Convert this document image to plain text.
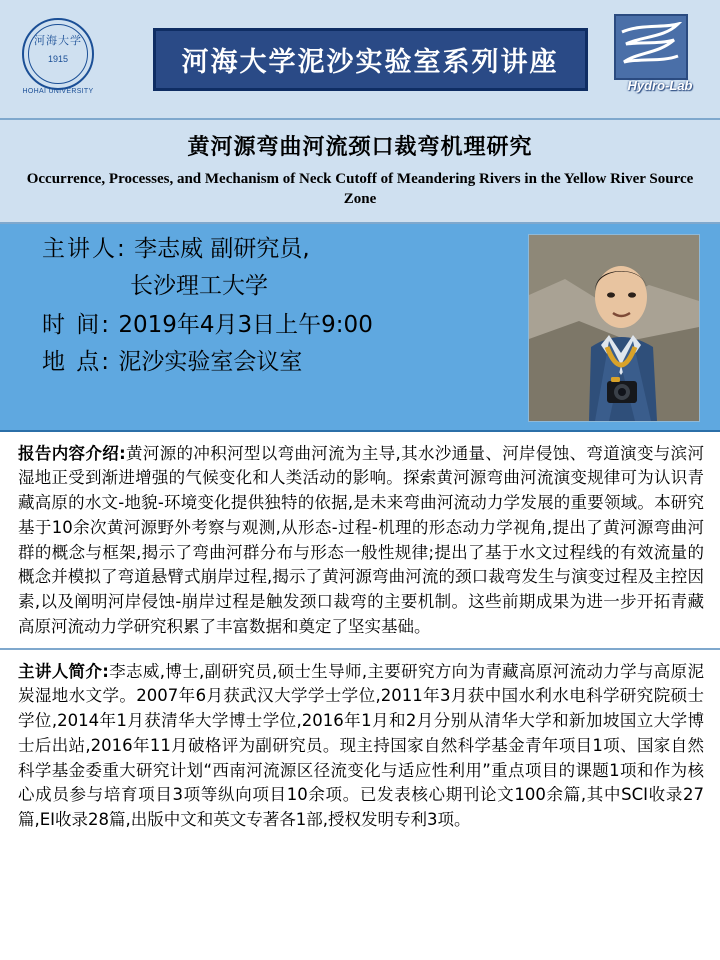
河海大学
1915
HOHAI UNIVERSITY
河海大学泥沙实验室系列讲座
Hydro-Lab
黄河源弯曲河流颈口裁弯机理研究
Occurrence, Processes, and Mechanism of Neck Cutoff of Meandering Rivers in the Yellow River Source Zone
主讲人: 李志威 副研究员,
长沙理工大学
时 间: 2019年4月3日上午9:00
地 点: 泥沙实验室会议室

报告内容介绍:黄河源的冲积河型以弯曲河流为主导,其水沙通量、河岸侵蚀、弯道演变与滨河湿地正受到渐进增强的气候变化和人类活动的影响。探索黄河源弯曲河流演变规律可为认识青藏高原的水文-地貌-环境变化提供独特的依据,是未来弯曲河流动力学发展的重要领域。本研究基于10余次黄河源野外考察与观测,从形态-过程-机理的形态动力学视角,提出了黄河源弯曲河群的概念与框架,揭示了弯曲河群分布与形态一般性规律;提出了基于水文过程线的有效流量的概念并模拟了弯道悬臂式崩岸过程,揭示了黄河源弯曲河流的颈口裁弯发生与演变过程及主控因素,以及阐明河岸侵蚀-崩岸过程是触发颈口裁弯的主要机制。这些前期成果为进一步开拓青藏高原河流动力学研究积累了丰富数据和奠定了坚实基础。

主讲人简介:李志威,博士,副研究员,硕士生导师,主要研究方向为青藏高原河流动力学与高原泥炭湿地水文学。2007年6月获武汉大学学士学位,2011年3月获中国水利水电科学研究院硕士学位,2014年1月获清华大学博士学位,2016年1月和2月分别从清华大学和新加坡国立大学博士后出站,2016年11月破格评为副研究员。现主持国家自然科学基金青年项目1项、国家自然科学基金委重大研究计划“西南河流源区径流变化与适应性利用”重点项目的课题1项和作为核心成员参与培育项目3项等纵向项目10余项。已发表核心期刊论文100余篇,其中SCI收录27篇,EI收录28篇,出版中文和英文专著各1部,授权发明专利3项。
